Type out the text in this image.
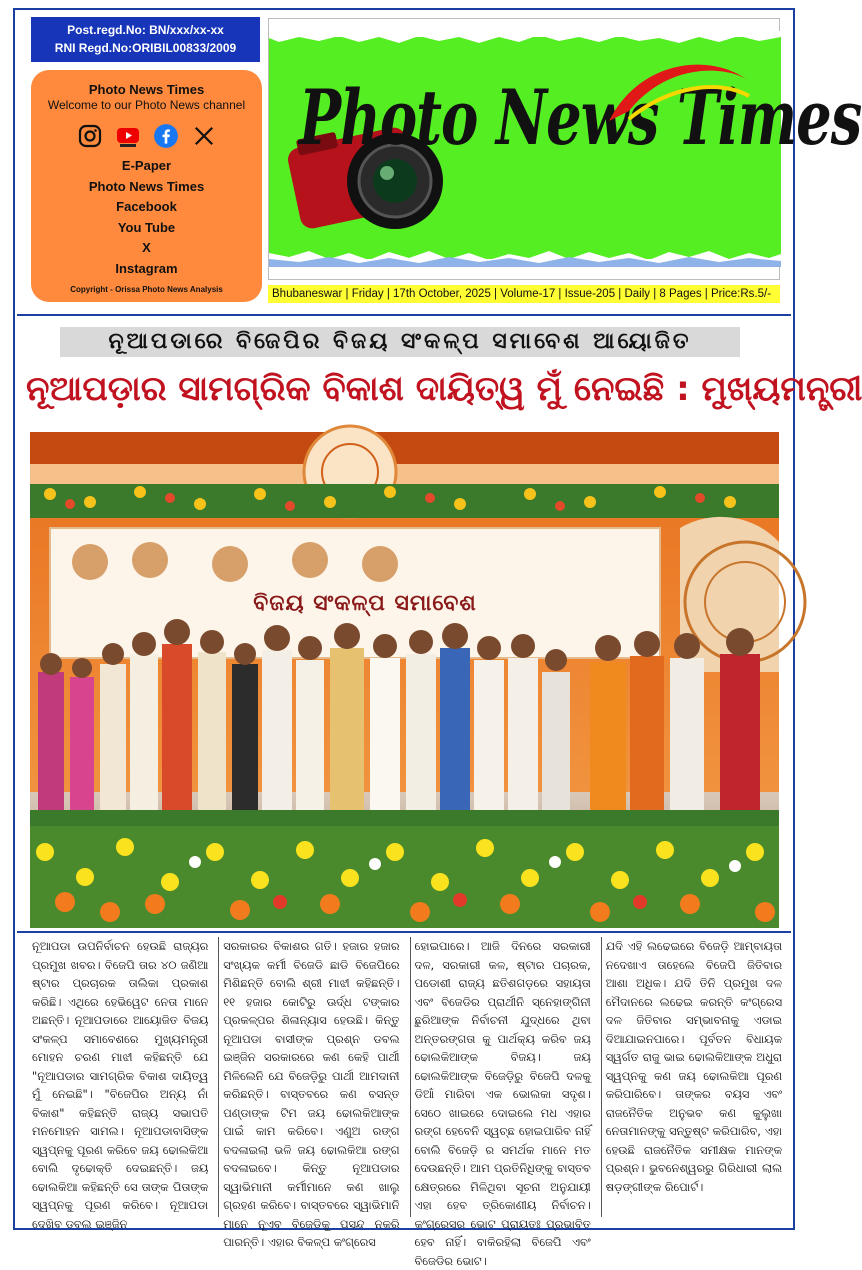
Post.regd.No: BN/xxx/xx-xx
RNI Regd.No:ORIBIL00833/2009
Photo News Times
Welcome to our Photo News channel
E-Paper
Photo News Times
Facebook
You Tube
X
Instagram
Copyright - Orissa Photo News Analysis
Photo News Times
Bhubaneswar | Friday | 17th October, 2025 | Volume-17 | Issue-205 | Daily | 8 Pages | Price:Rs.5/-
ନୂଆପଡାରେ ବିଜେପିର ବିଜୟ ସଂକଳ୍ପ ସମାବେଶ ଆୟୋଜିତ
ନୂଆପଡ଼ାର ସାମଗ୍ରିକ ବିକାଶ ଦାୟିତ୍ୱ ମୁଁ ନେଇଛି : ମୁଖ୍ୟମନ୍ତ୍ରୀ
ବିଜୟ ସଂକଳ୍ପ ସମାବେଶ
ନୂଆପଡା ଉପନିର୍ବାଚନ ହେଉଛି ରାଜ୍ୟର ପ୍ରମୁଖ ଖବର। ବିଜେପି ତାର ୪୦ ଜଣିଆ ଷ୍ଟାର ପ୍ରଚାରକ ତାଲିକା ପ୍ରକାଶ କରିଛି। ଏଥିରେ ହେଭିୱେଟ ନେତା ମାନେ ଅଛନ୍ତି। ନୂଆପଡାରେ ଆୟୋଜିତ ବିଜୟ ସଂକଳ୍ପ ସମାବେଶରେ ମୁଖ୍ୟମନ୍ତ୍ରୀ ମୋହନ ଚରଣ ମାଝୀ କହିଛନ୍ତି ଯେ "ନୂଆପଡାର ସାମଗ୍ରିକ ବିକାଶ ଦାୟିତ୍ୱ ମୁଁ ନେଇଛି"। "ବିଜେପିର ଅନ୍ୟ ନାଁ ବିକାଶ" କହିଛନ୍ତି ରାଜ୍ୟ ସଭାପତି ମନମୋହନ ସାମଲ। ନୂଆପଡାବାସିଙ୍କ ସ୍ୱପ୍ନକୁ ପୂରଣ କରିବେ ଜୟ ଢୋଲକିଆ ବୋଲି ଦୃଢୋକ୍ତି ଦେଇଛନ୍ତି। ଜୟ ଢୋଲକିଆ କହିଛନ୍ତି ସେ ତାଙ୍କ ପିତାଙ୍କ ସ୍ୱପ୍ନକୁ ପୂରଣ କରିବେ। ନୂଆପଡା ଦେଖିବ ଡବଲ ଇଞ୍ଜିନ
ସରକାରର ବିକାଶର ଗତି। ହଜାର ହଜାର ସଂଖ୍ୟକ କର୍ମୀ ବିଜେଡି ଛାଡି ବିଜେପିରେ ମିଶିଛନ୍ତି ବୋଲି ଶ୍ରୀ ମାଝୀ କହିଛନ୍ତି। ୧୧ ହଜାର କୋଟିରୁ ଊର୍ଦ୍ଧ ଟଙ୍କାର ପ୍ରକଳ୍ପର ଶିଳାନ୍ୟାସ ହେଉଛି। କିନ୍ତୁ ନୂଆପଡା ବାସୀଙ୍କ ପ୍ରଶ୍ନ ଡବଲ ଇଞ୍ଜିନ ସରକାରରେ କଣ କେହି ପାର୍ଥୀ ମିଳିଲେନି ଯେ ବିଜେଡ଼ିରୁ ପାର୍ଥୀ ଆମଦାନୀ କରିଛନ୍ତି। ବାସ୍ତବରେ କଣ ବସନ୍ତ ପଣ୍ଡାଙ୍କ ଟିମ ଜୟ ଢୋଲକିଆଙ୍କ ପାଇଁ କାମ କରିବେ। ଏଣୁଅ ରଙ୍ଗ ବଦଳାଇଲା ଭଳି ଜୟ ଢୋଲକିଆ ରଙ୍ଗ ବଦଳାଇବେ। କିନ୍ତୁ ନୂଆପଡାର ସ୍ୱାଭିମାନୀ କର୍ମୀମାନେ କଣ ଖାଲୁ ଗ୍ରହଣ କରିବେ। ବାସ୍ତବରେ ସ୍ୱାଭିମାନି ମାନେ ନୂଏବ ବିଜେଡିକୁ ପସନ୍ଦ ନକରି ପାରନ୍ତି। ଏହାର ବିକଳ୍ପ କଂଗ୍ରେସ
ହୋଇପାରେ। ଆଜି ଦିନରେ ସରକାରୀ ଦଳ, ସରକାରୀ କଳ, ଷ୍ଟାର ପଚାରକ, ପଡୋଶୀ ରାଜ୍ୟ ଛତିଶଗଡ଼ରେ ସହାୟତା ଏବଂ ବିଜେଡିର ପ୍ରାର୍ଥୀନି ସ୍ନେହାଙ୍ଗିନୀ ଛୁରିଆଙ୍କ ନିର୍ବାଚନୀ ଯୁଦ୍ଧରେ ଥିବା ଅନ୍ତରଙ୍ଗତା କୁ ପାର୍ଥକ୍ୟ କରିବ ଜୟ ଢୋଲକିଆଙ୍କ ବିଜୟ। ଜୟ ଢୋଲକିଆଙ୍କ ବିଜେଡ଼ିରୁ ବିଜେପି ଦଳକୁ ଡିଆଁ ମାରିବା ଏକ ଭୋଲକା ସଦୃଶ। ସେଠେ ଖାଇରେ ଦୋଇଲେ ମଧ ଏହାର ରଙ୍ଗ ହେବେନି ସ୍ୱଚ୍ଛ ହୋଇପାରିବ ନାହିଁ ବୋଲି ବିଜେଡ଼ି ର ସମର୍ଥକ ମାନେ ମତ ଦେଉଛନ୍ତି। ଆମ ପ୍ରତିନିଧିଙ୍କୁ ବାସ୍ତବ କ୍ଷେତ୍ରରେ ମିଳିଥିବା ସୂଚନା ଅନୁଯାୟୀ ଏହା ହେବ ତ୍ରିକୋଣୀୟ ନିର୍ବାଚନ। କଂଗ୍ରେସର ଭୋଟ ପ୍ରାୟତଃ ପ୍ରଭାବିତ ହେବ ନାହିଁ। ବାକିରହିଲା ବିଜେପି ଏବଂ ବିଜେଡିର ଭୋଟ।
ଯଦି ଏହି ଲଢେଇରେ ବିଜେଡ଼ି ଆମ୍ବାୟତା ନଦେଖାଏ ତାହେଲେ ବିଜେପି ଜିତିବାର ଆଶା ଅଧିକ। ଯଦି ତିନି ପ୍ରମୁଖ ଦଳ ମୈଦାନରେ ଲଢେଇ କରନ୍ତି କଂଗ୍ରେସ ଦଳ ଜିତିବାର ସମ୍ଭାବନାକୁ ଏଡାଇ ଦିଆଯାଇନପାରେ। ପୂର୍ବତନ ବିଧାୟକ ସ୍ୱର୍ଗତ ରାଜୁ ଭାଇ ଢୋଲକିଆଙ୍କ ଅଧୁରା ସ୍ୱପ୍ନକୁ କଣ ଜୟ ଢୋଲକିଆ ପୂରଣ କରିପାରିବେ। ତାଙ୍କର ବୟସ ଏବଂ ରାଜନୈତିକ ଅନୁଭବ କଣ କୁଲୁଖା ନେତାମାନଙ୍କୁ ସନ୍ତୁଷ୍ଟ କରିପାରିବ, ଏହା ହେଉଛି ରାଜନୈତିକ ସମୀକ୍ଷକ ମାନଙ୍କ ପ୍ରଶ୍ନ। ଭୁବନେଶ୍ୱରରୁ ଗିରିଧାରୀ ଲାଲ ଷଡ଼ଙ୍ଗୀଙ୍କ ରିପୋର୍ଟ।
